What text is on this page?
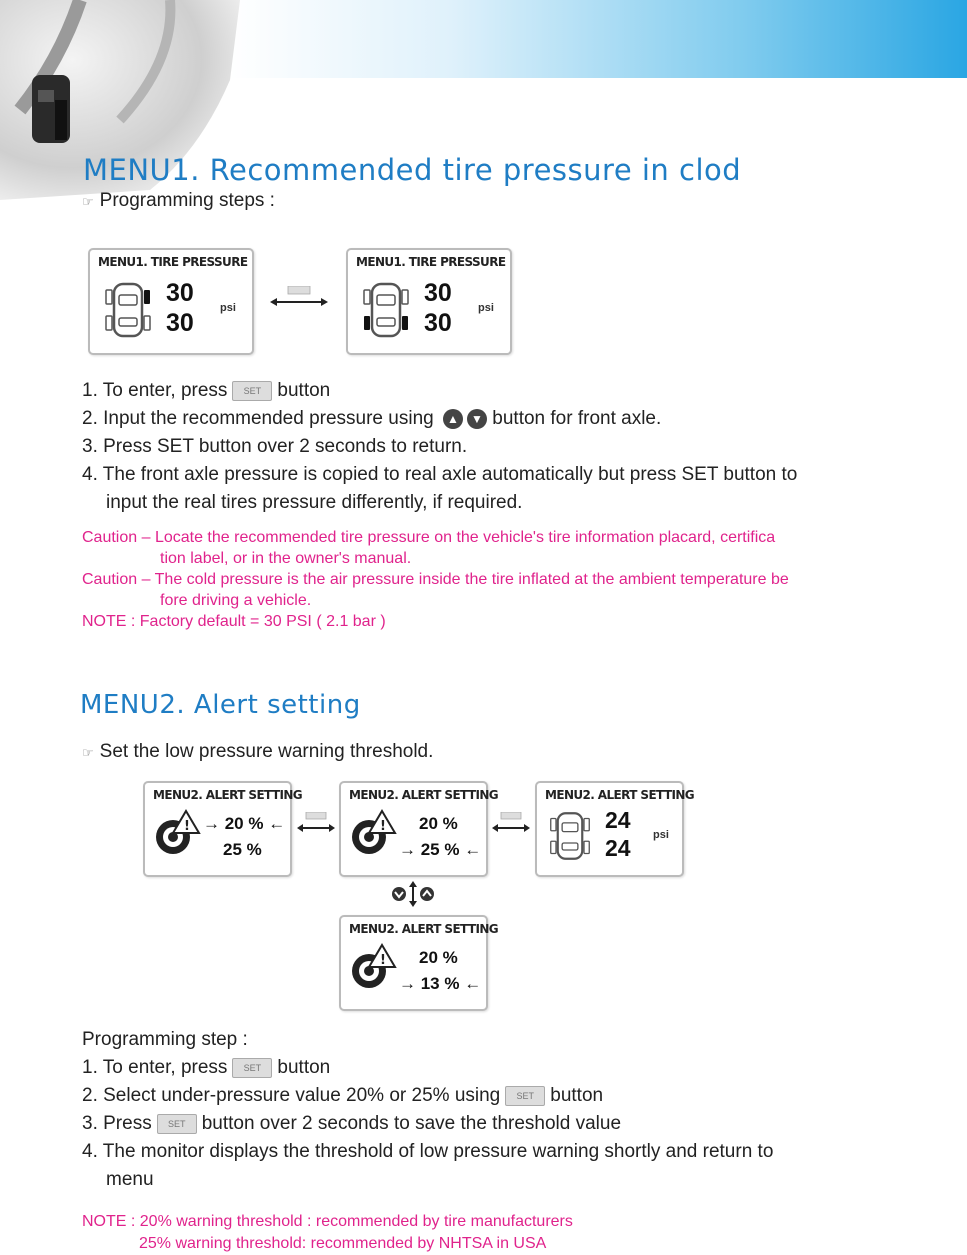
MENU1. Recommended tire pressure in clod
☞ Programming steps :
MENU1. TIRE PRESSURE
30
30
psi
MENU1. TIRE PRESSURE
30
30
psi
1. To enter, press SET button
2. Input the recommended pressure using ▲ ▼ button for front axle.
3. Press SET button over 2 seconds to return.
4. The front axle pressure is copied to real axle automatically but press SET button to
input the real tires pressure differently, if required.
Caution – Locate the recommended tire pressure on the vehicle's tire information placard, certifica
tion label, or in the owner's manual.
Caution – The cold pressure is the air pressure inside the tire inflated at the ambient temperature be
fore driving a vehicle.
NOTE : Factory default = 30 PSI ( 2.1 bar )
MENU2. Alert setting
☞ Set the low pressure warning threshold.
MENU2. ALERT SETTING
! → 20 % ←
25 %
MENU2. ALERT SETTING
! 20 %
→ 25 % ←
MENU2. ALERT SETTING
24
24 psi
MENU2. ALERT SETTING
! 20 %
→ 13 % ←
Programming step :
1. To enter, press SET button
2. Select under-pressure value 20% or 25% using SET button
3. Press SET button over 2 seconds to save the threshold value
4. The monitor displays the threshold of low pressure warning shortly and return to
menu
NOTE : 20% warning threshold : recommended by tire manufacturers
25% warning threshold: recommended by NHTSA in USA
